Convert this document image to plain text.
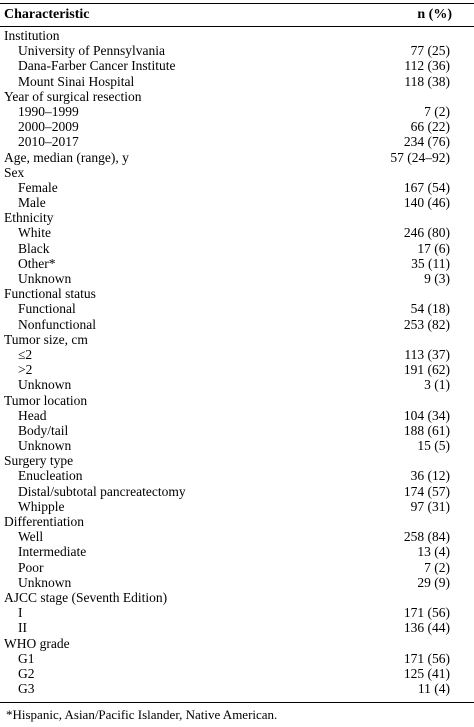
Characteristic	n (%)
Institution
University of Pennsylvania	77 (25)
Dana-Farber Cancer Institute	112 (36)
Mount Sinai Hospital	118 (38)
Year of surgical resection
1990–1999	7 (2)
2000–2009	66 (22)
2010–2017	234 (76)
Age, median (range), y	57 (24–92)
Sex
Female	167 (54)
Male	140 (46)
Ethnicity
White	246 (80)
Black	17 (6)
Other*	35 (11)
Unknown	9 (3)
Functional status
Functional	54 (18)
Nonfunctional	253 (82)
Tumor size, cm
≤2	113 (37)
>2	191 (62)
Unknown	3 (1)
Tumor location
Head	104 (34)
Body/tail	188 (61)
Unknown	15 (5)
Surgery type
Enucleation	36 (12)
Distal/subtotal pancreatectomy	174 (57)
Whipple	97 (31)
Differentiation
Well	258 (84)
Intermediate	13 (4)
Poor	7 (2)
Unknown	29 (9)
AJCC stage (Seventh Edition)
I	171 (56)
II	136 (44)
WHO grade
G1	171 (56)
G2	125 (41)
G3	11 (4)
*Hispanic, Asian/Pacific Islander, Native American.
